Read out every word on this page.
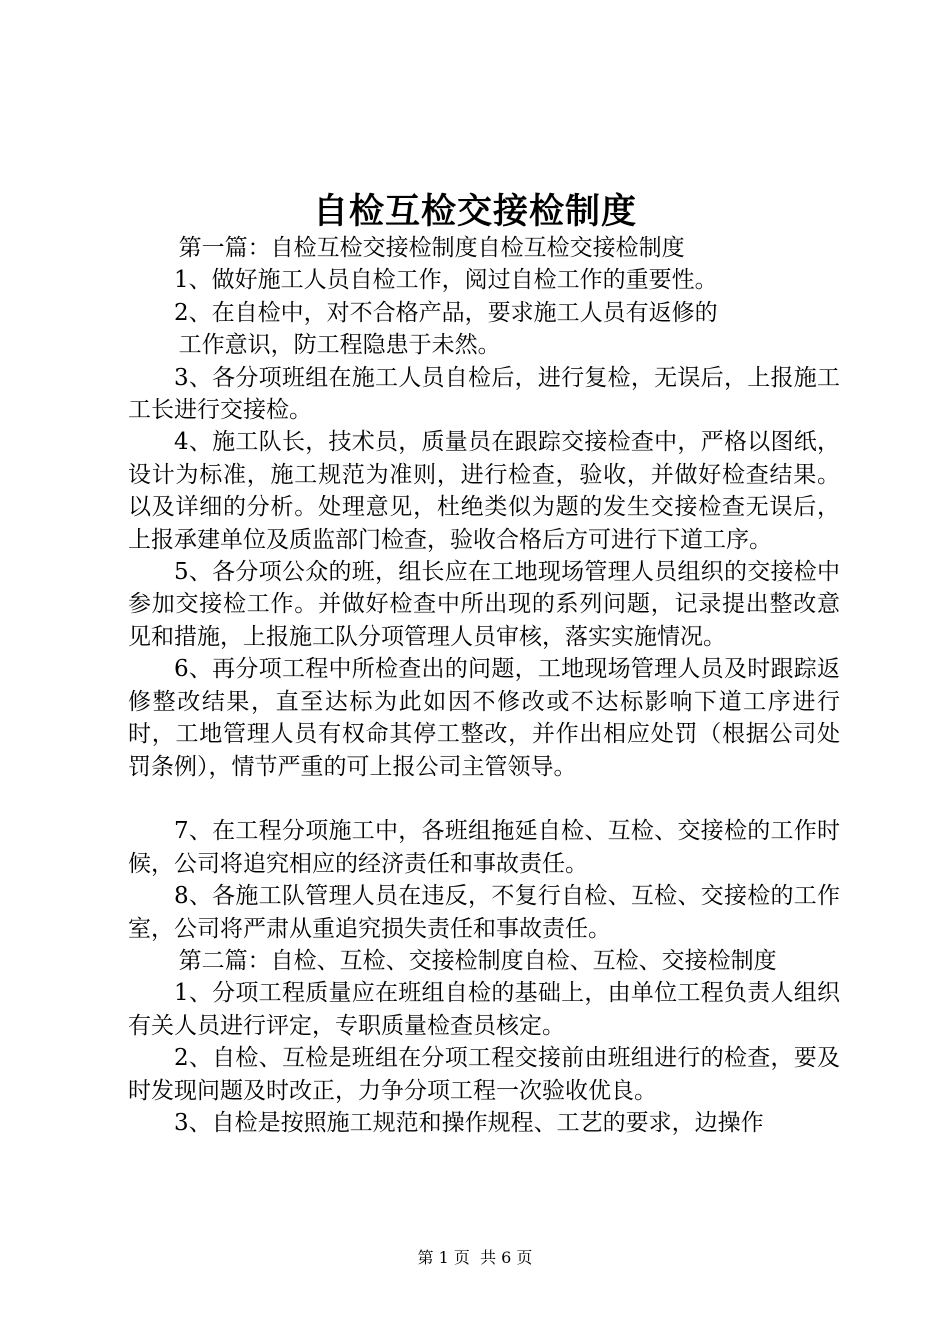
自检互检交接检制度

第一篇：自检互检交接检制度自检互检交接检制度

1、做好施工人员自检工作，阅过自检工作的重要性。

2、在自检中，对不合格产品，要求施工人员有返修的

工作意识，防工程隐患于未然。

3、各分项班组在施工人员自检后，进行复检，无误后，上报施工工长进行交接检。

4、施工队长，技术员，质量员在跟踪交接检查中，严格以图纸，设计为标准，施工规范为准则，进行检查，验收，并做好检查结果。以及详细的分析。处理意见，杜绝类似为题的发生交接检查无误后，上报承建单位及质监部门检查，验收合格后方可进行下道工序。

5、各分项公众的班，组长应在工地现场管理人员组织的交接检中参加交接检工作。并做好检查中所出现的系列问题，记录提出整改意见和措施，上报施工队分项管理人员审核，落实实施情况。

6、再分项工程中所检查出的问题，工地现场管理人员及时跟踪返修整改结果，直至达标为此如因不修改或不达标影响下道工序进行时，工地管理人员有权命其停工整改，并作出相应处罚（根据公司处罚条例），情节严重的可上报公司主管领导。

7、在工程分项施工中，各班组拖延自检、互检、交接检的工作时候，公司将追究相应的经济责任和事故责任。

8、各施工队管理人员在违反，不复行自检、互检、交接检的工作室，公司将严肃从重追究损失责任和事故责任。

第二篇：自检、互检、交接检制度自检、互检、交接检制度

1、分项工程质量应在班组自检的基础上，由单位工程负责人组织有关人员进行评定，专职质量检查员核定。

2、自检、互检是班组在分项工程交接前由班组进行的检查，要及时发现问题及时改正，力争分项工程一次验收优良。

3、自检是按照施工规范和操作规程、工艺的要求，边操作

第 1 页  共 6 页
